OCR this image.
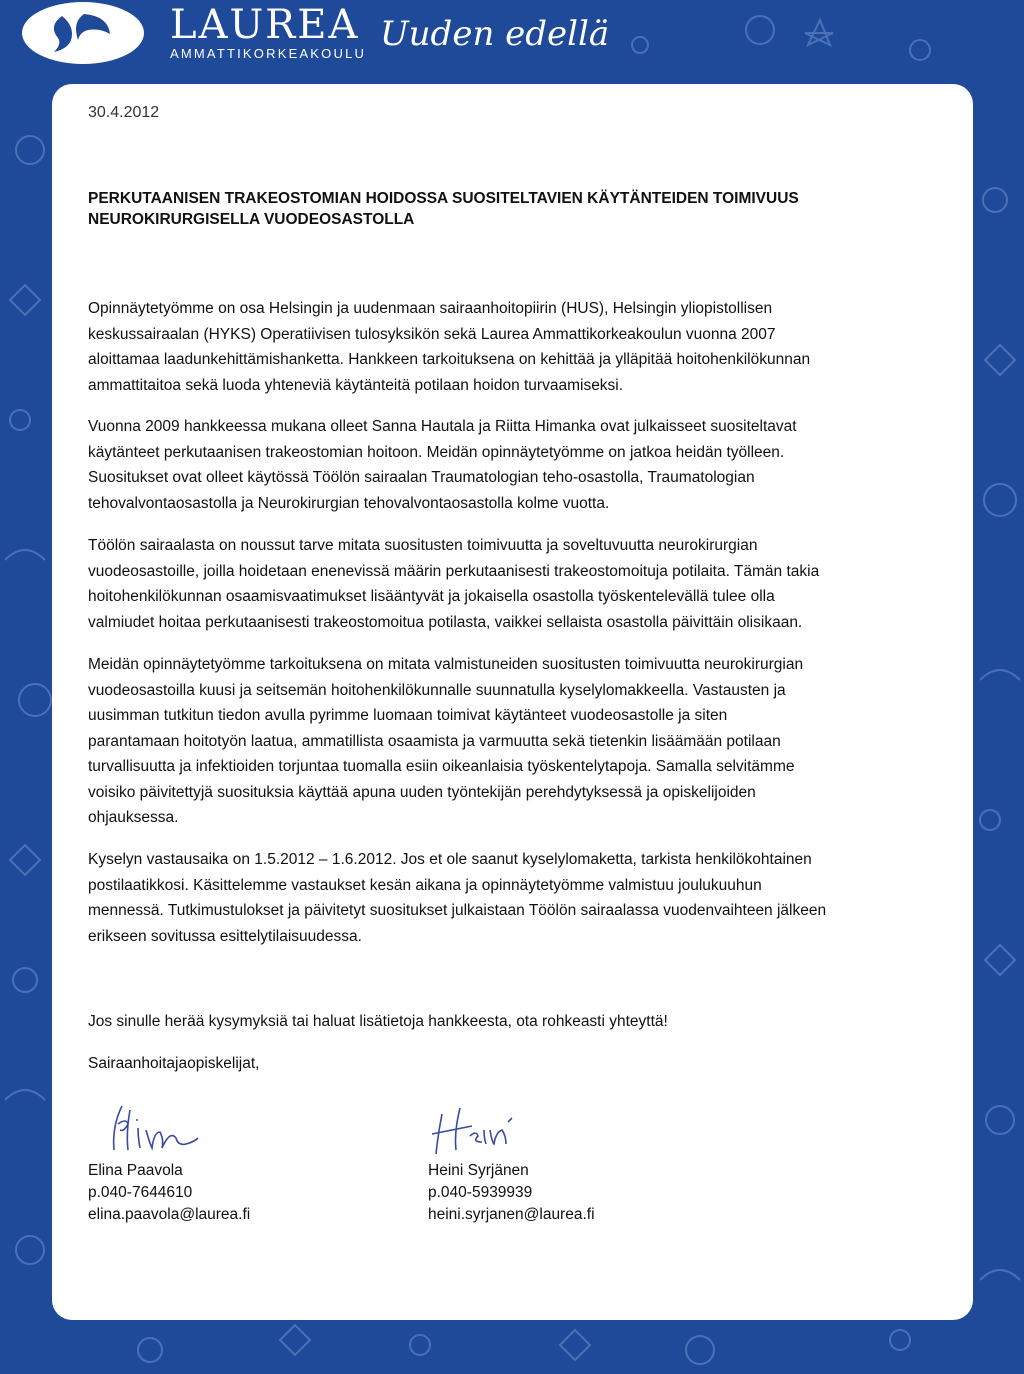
LAUREA
AMMATTIKORKEAKOULU Uuden edellä
30.4.2012
PERKUTAANISEN TRAKEOSTOMIAN HOIDOSSA SUOSITELTAVIEN KÄYTÄNTEIDEN TOIMIVUUS
NEUROKIRURGISELLA VUODEOSASTOLLA
Opinnäytetyömme on osa Helsingin ja uudenmaan sairaanhoitopiirin (HUS), Helsingin yliopistollisen
keskussairaalan (HYKS) Operatiivisen tulosyksikön sekä Laurea Ammattikorkeakoulun vuonna 2007
aloittamaa laadunkehittämishanketta. Hankkeen tarkoituksena on kehittää ja ylläpitää hoitohenkilökunnan
ammattitaitoa sekä luoda yhteneviä käytänteitä potilaan hoidon turvaamiseksi.
Vuonna 2009 hankkeessa mukana olleet Sanna Hautala ja Riitta Himanka ovat julkaisseet suositeltavat
käytänteet perkutaanisen trakeostomian hoitoon. Meidän opinnäytetyömme on jatkoa heidän työlleen.
Suositukset ovat olleet käytössä Töölön sairaalan Traumatologian teho-osastolla, Traumatologian
tehovalvontaosastolla ja Neurokirurgian tehovalvontaosastolla kolme vuotta.
Töölön sairaalasta on noussut tarve mitata suositusten toimivuutta ja soveltuvuutta neurokirurgian
vuodeosastoille, joilla hoidetaan enenevissä määrin perkutaanisesti trakeostomoituja potilaita. Tämän takia
hoitohenkilökunnan osaamisvaatimukset lisääntyvät ja jokaisella osastolla työskentelevällä tulee olla
valmiudet hoitaa perkutaanisesti trakeostomoitua potilasta, vaikkei sellaista osastolla päivittäin olisikaan.
Meidän opinnäytetyömme tarkoituksena on mitata valmistuneiden suositusten toimivuutta neurokirurgian
vuodeosastoilla kuusi ja seitsemän hoitohenkilökunnalle suunnatulla kyselylomakkeella. Vastausten ja
uusimman tutkitun tiedon avulla pyrimme luomaan toimivat käytänteet vuodeosastolle ja siten
parantamaan hoitotyön laatua, ammatillista osaamista ja varmuutta sekä tietenkin lisäämään potilaan
turvallisuutta ja infektioiden torjuntaa tuomalla esiin oikeanlaisia työskentelytapoja. Samalla selvitämme
voisiko päivitettyjä suosituksia käyttää apuna uuden työntekijän perehdytyksessä ja opiskelijoiden
ohjauksessa.
Kyselyn vastausaika on 1.5.2012 – 1.6.2012. Jos et ole saanut kyselylomaketta, tarkista henkilökohtainen
postilaatikkosi. Käsittelemme vastaukset kesän aikana ja opinnäytetyömme valmistuu joulukuuhun
mennessä. Tutkimustulokset ja päivitetyt suositukset julkaistaan Töölön sairaalassa vuodenvaihteen jälkeen
erikseen sovitussa esittelytilaisuudessa.
Jos sinulle herää kysymyksiä tai haluat lisätietoja hankkeesta, ota rohkeasti yhteyttä!
Sairaanhoitajaopiskelijat,
Elina Paavola
p.040-7644610
elina.paavola@laurea.fi
Heini Syrjänen
p.040-5939939
heini.syrjanen@laurea.fi
